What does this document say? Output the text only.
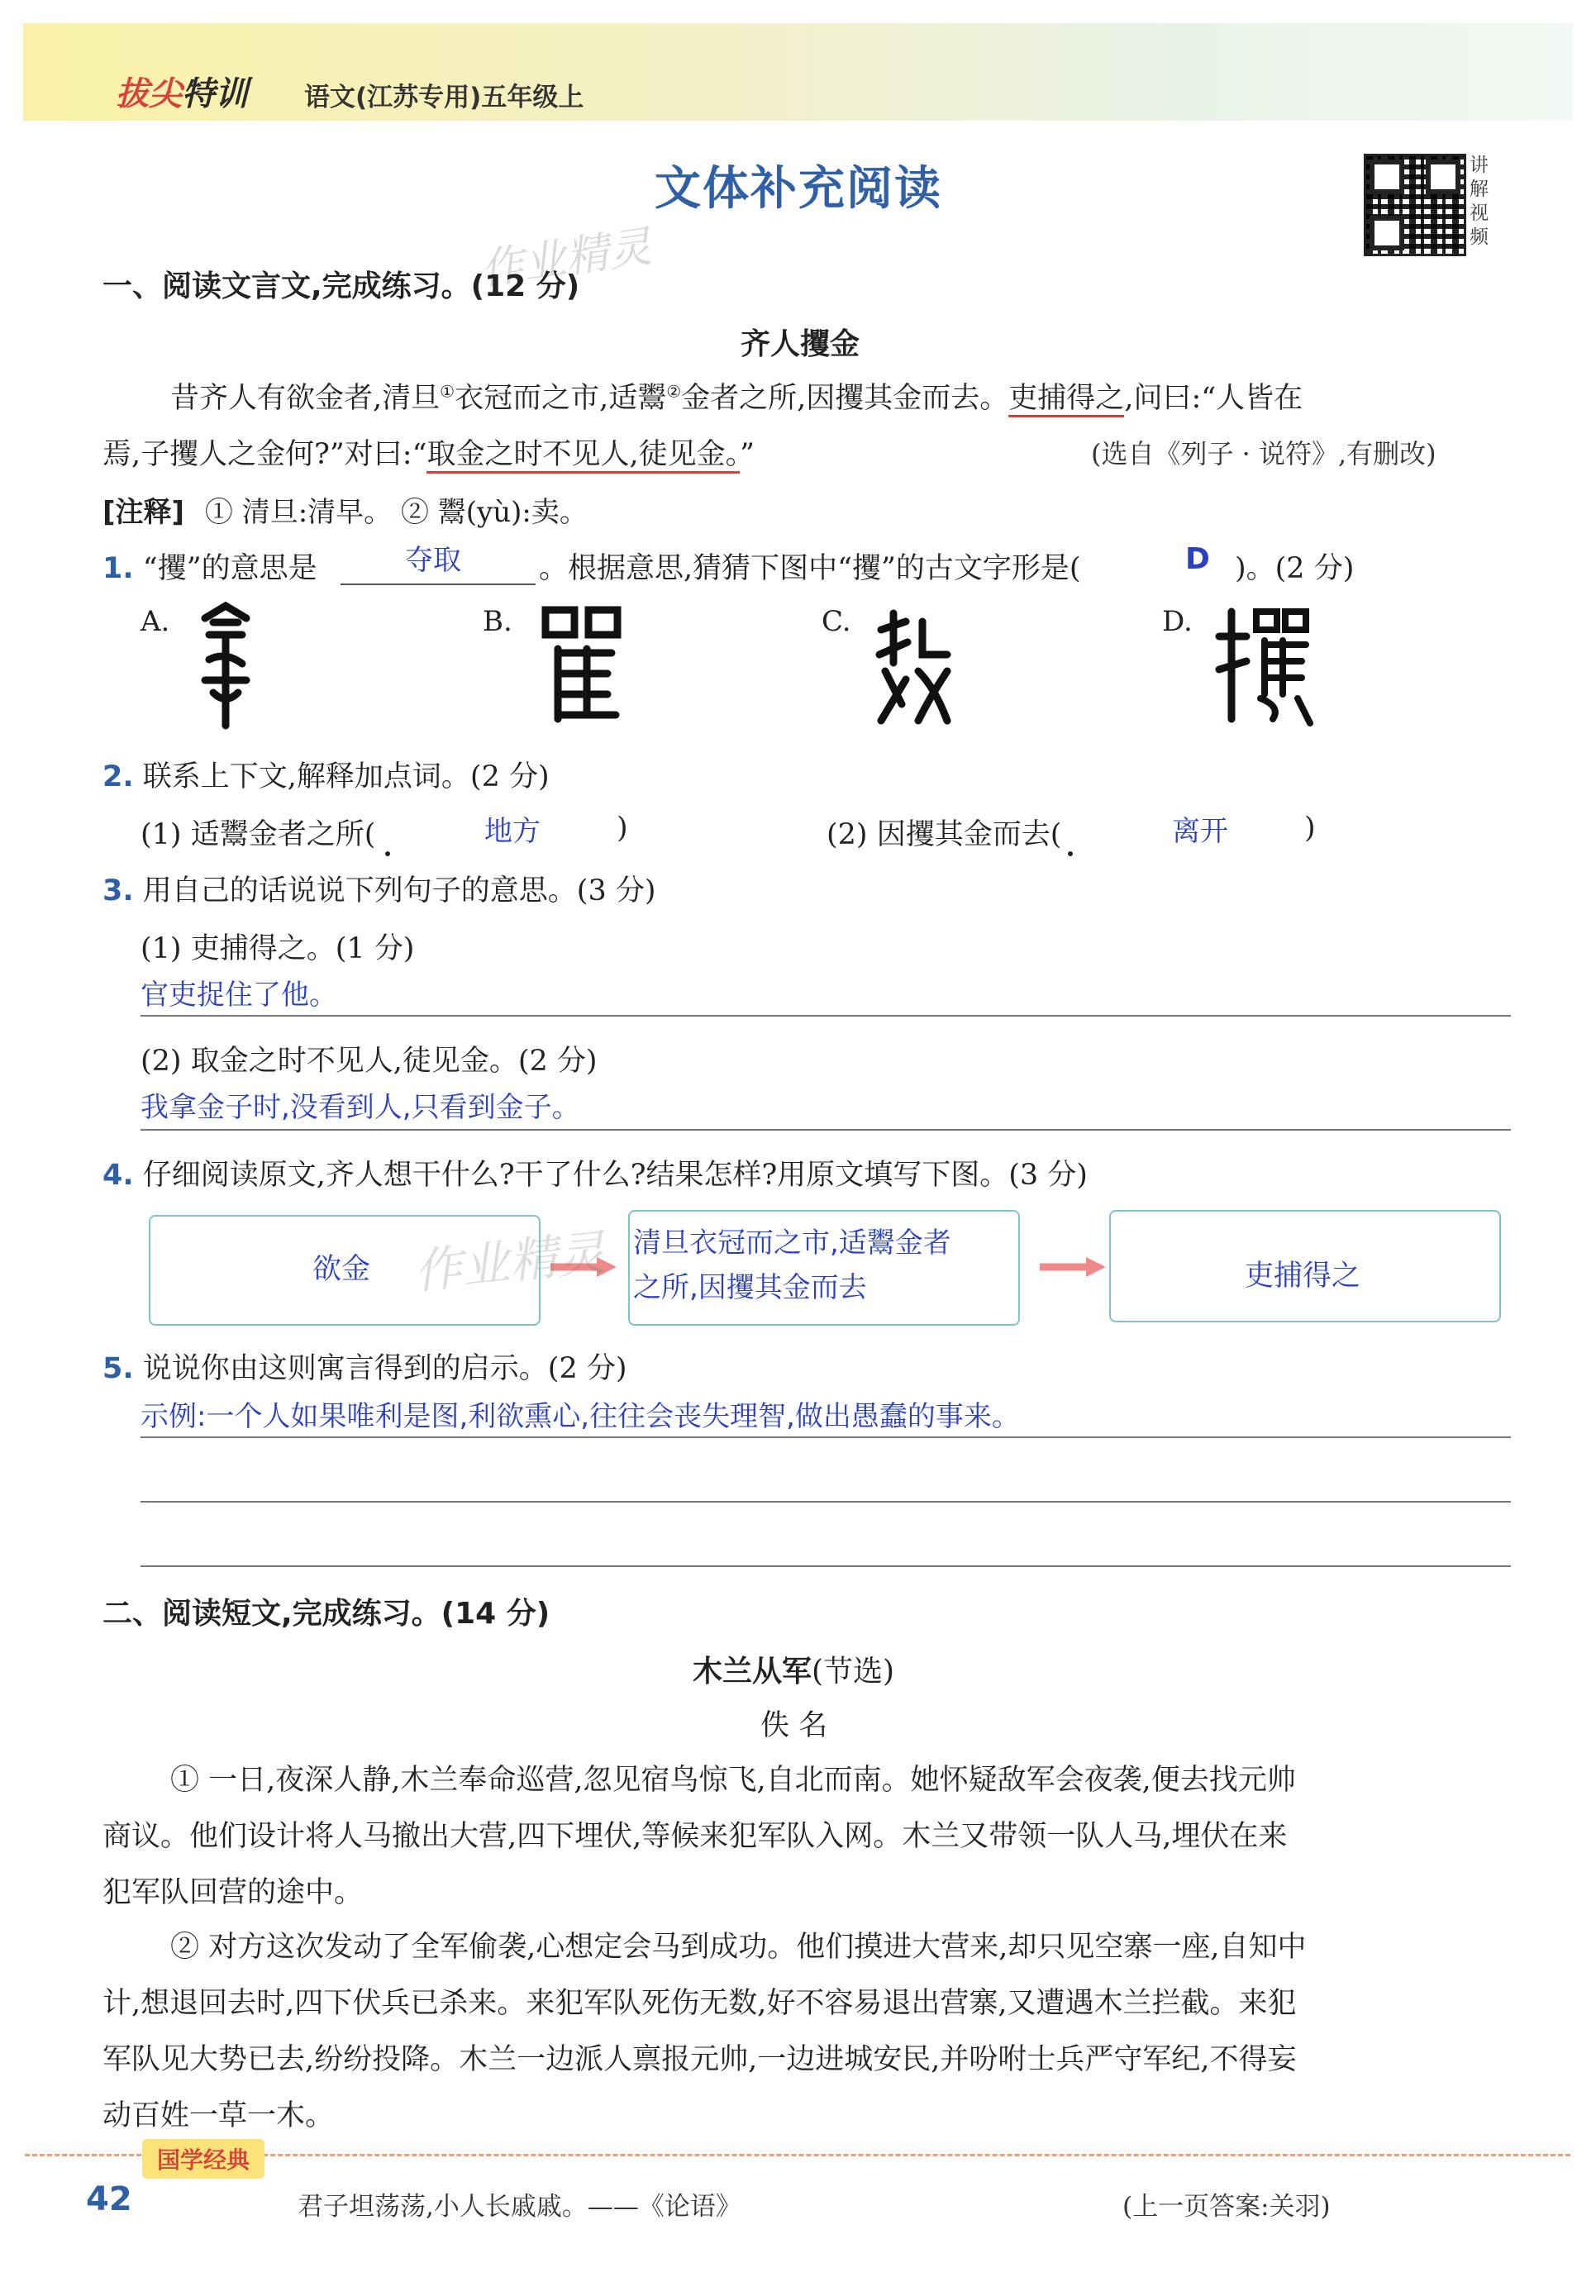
拔尖特训 语文(江苏专用)五年级上
文体补充阅读	讲解视频
作业精灵
作业精灵
一、阅读文言文,完成练习。(12 分)
齐人攫金
昔齐人有欲金者,清旦①衣冠而之市,适鬻②金者之所,因攫其金而去。吏捕得之,问曰:“人皆在
焉,子攫人之金何?”对曰:“取金之时不见人,徒见金。”	(选自《列子 · 说符》,有删改)
[注释] ① 清旦:清早。 ② 鬻(yù):卖。
1. “攫”的意思是	夺取	。根据意思,猜猜下图中“攫”的古文字形是(	D )。(2 分)
A.	B.	C.	D.
2. 联系上下文,解释加点词。(2 分)
(1) 适鬻金者之所(	地方	)	(2) 因攫其金而去(	离开	)
3. 用自己的话说说下列句子的意思。(3 分)
(1) 吏捕得之。(1 分)
官吏捉住了他。
(2) 取金之时不见人,徒见金。(2 分)
我拿金子时,没看到人,只看到金子。
4. 仔细阅读原文,齐人想干什么?干了什么?结果怎样?用原文填写下图。(3 分)
欲金
清旦衣冠而之市,适鬻金者
之所,因攫其金而去	吏捕得之
5. 说说你由这则寓言得到的启示。(2 分)
示例:一个人如果唯利是图,利欲熏心,往往会丧失理智,做出愚蠢的事来。
二、阅读短文,完成练习。(14 分)
木兰从军(节选)
佚 名
① 一日,夜深人静,木兰奉命巡营,忽见宿鸟惊飞,自北而南。她怀疑敌军会夜袭,便去找元帅
商议。他们设计将人马撤出大营,四下埋伏,等候来犯军队入网。木兰又带领一队人马,埋伏在来
犯军队回营的途中。
② 对方这次发动了全军偷袭,心想定会马到成功。他们摸进大营来,却只见空寨一座,自知中
计,想退回去时,四下伏兵已杀来。来犯军队死伤无数,好不容易退出营寨,又遭遇木兰拦截。来犯
军队见大势已去,纷纷投降。木兰一边派人禀报元帅,一边进城安民,并吩咐士兵严守军纪,不得妄
动百姓一草一木。
国学经典
42	君子坦荡荡,小人长戚戚。——《论语》	(上一页答案:关羽)
